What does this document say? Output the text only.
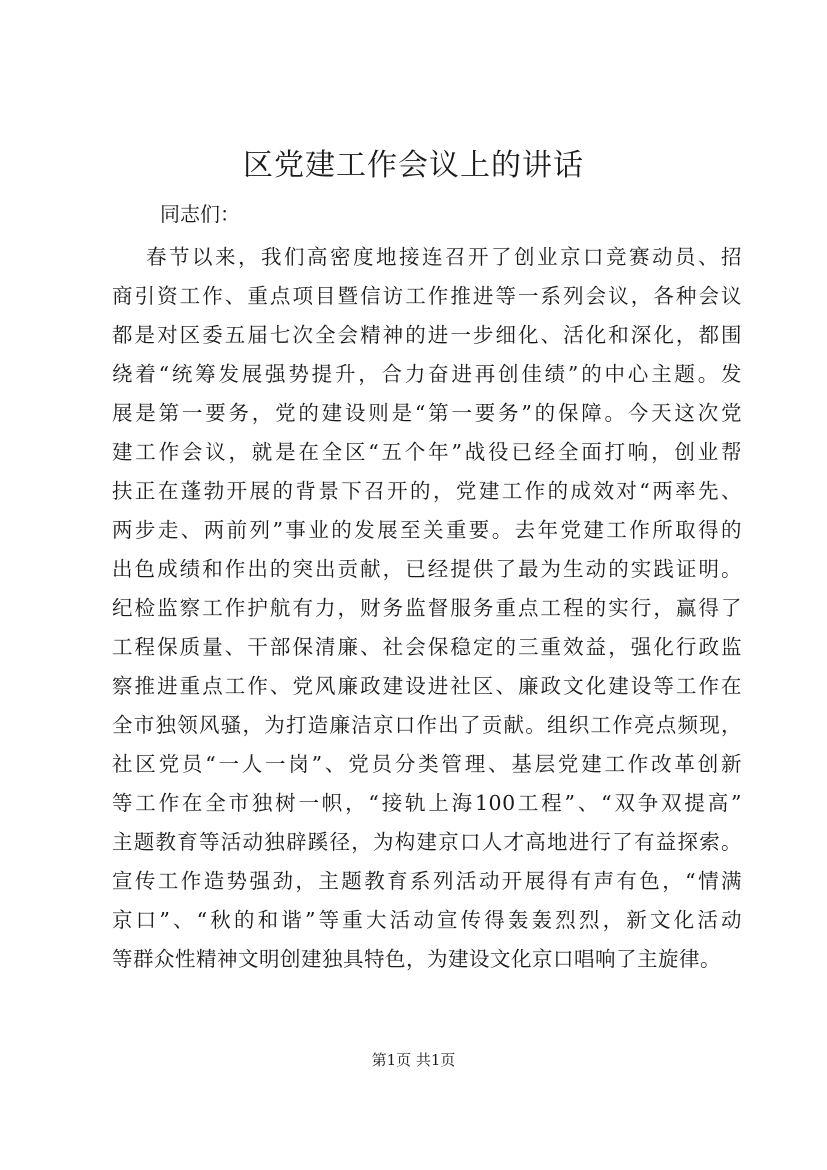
区党建工作会议上的讲话

同志们：

春节以来，我们高密度地接连召开了创业京口竞赛动员、招
商引资工作、重点项目暨信访工作推进等一系列会议，各种会议
都是对区委五届七次全会精神的进一步细化、活化和深化，都围
绕着“统筹发展强势提升，合力奋进再创佳绩”的中心主题。发
展是第一要务，党的建设则是“第一要务”的保障。今天这次党
建工作会议，就是在全区“五个年”战役已经全面打响，创业帮
扶正在蓬勃开展的背景下召开的，党建工作的成效对“两率先、
两步走、两前列”事业的发展至关重要。去年党建工作所取得的
出色成绩和作出的突出贡献，已经提供了最为生动的实践证明。
纪检监察工作护航有力，财务监督服务重点工程的实行，赢得了
工程保质量、干部保清廉、社会保稳定的三重效益，强化行政监
察推进重点工作、党风廉政建设进社区、廉政文化建设等工作在
全市独领风骚，为打造廉洁京口作出了贡献。组织工作亮点频现，
社区党员“一人一岗”、党员分类管理、基层党建工作改革创新
等工作在全市独树一帜，“接轨上海100工程”、“双争双提高”
主题教育等活动独辟蹊径，为构建京口人才高地进行了有益探索。
宣传工作造势强劲，主题教育系列活动开展得有声有色，“情满
京口”、“秋的和谐”等重大活动宣传得轰轰烈烈，新文化活动
等群众性精神文明创建独具特色，为建设文化京口唱响了主旋律。
第1页 共1页
